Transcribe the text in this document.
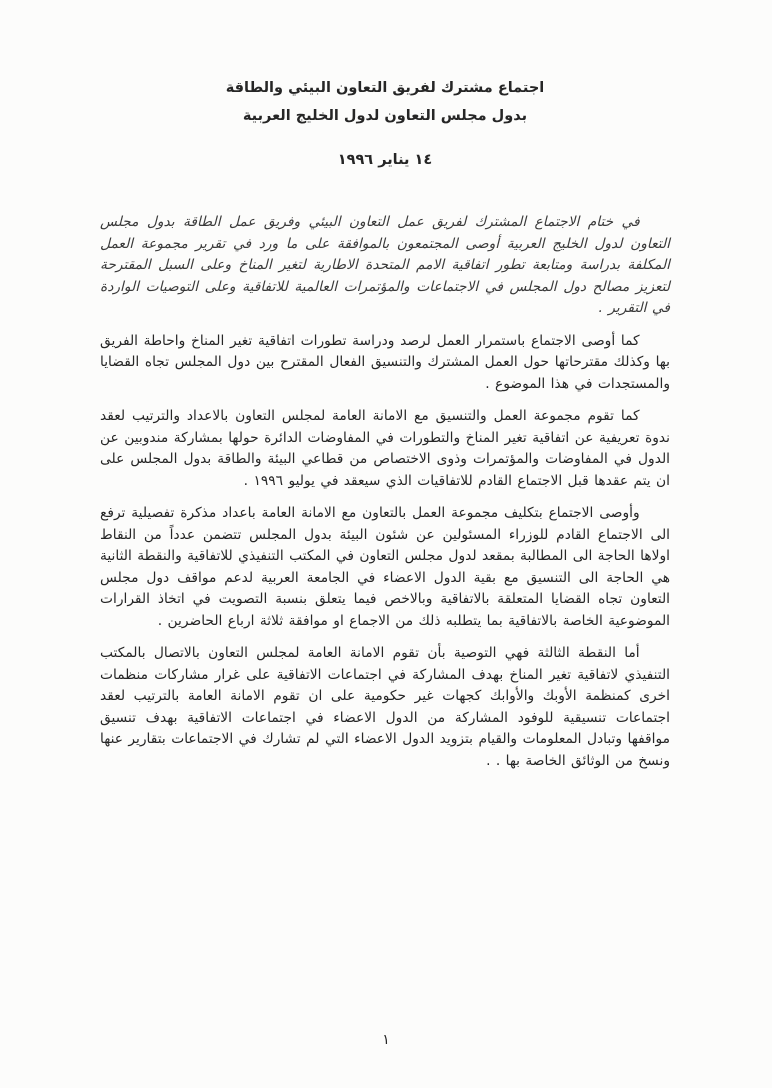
اجتماع مشترك لفريق التعاون البيئي والطاقة
بدول مجلس التعاون لدول الخليج العربية
١٤ يناير ١٩٩٦

في ختام الاجتماع المشترك لفريق عمل التعاون البيئي وفريق عمل الطاقة بدول مجلس التعاون لدول الخليج العربية أوصى المجتمعون بالموافقة على ما ورد في تقرير مجموعة العمل المكلفة بدراسة ومتابعة تطور اتفاقية الامم المتحدة الاطارية لتغير المناخ وعلى السبل المقترحة لتعزيز مصالح دول المجلس في الاجتماعات والمؤتمرات العالمية للاتفاقية وعلى التوصيات الواردة في التقرير .

كما أوصى الاجتماع باستمرار العمل لرصد ودراسة تطورات اتفاقية تغير المناخ واحاطة الفريق بها وكذلك مقترحاتها حول العمل المشترك والتنسيق الفعال المقترح بين دول المجلس تجاه القضايا والمستجدات في هذا الموضوع .

كما تقوم مجموعة العمل والتنسيق مع الامانة العامة لمجلس التعاون بالاعداد والترتيب لعقد ندوة تعريفية عن اتفاقية تغير المناخ والتطورات في المفاوضات الدائرة حولها بمشاركة مندوبين عن الدول في المفاوضات والمؤتمرات وذوى الاختصاص من قطاعي البيئة والطاقة بدول المجلس على ان يتم عقدها قبل الاجتماع القادم للاتفاقيات الذي سيعقد في يوليو ١٩٩٦ .

وأوصى الاجتماع بتكليف مجموعة العمل بالتعاون مع الامانة العامة باعداد مذكرة تفصيلية ترفع الى الاجتماع القادم للوزراء المسئولين عن شئون البيئة بدول المجلس تتضمن عدداً من النقاط اولاها الحاجة الى المطالبة بمقعد لدول مجلس التعاون في المكتب التنفيذي للاتفاقية والنقطة الثانية هي الحاجة الى التنسيق مع بقية الدول الاعضاء في الجامعة العربية لدعم مواقف دول مجلس التعاون تجاه القضايا المتعلقة بالاتفاقية وبالاخص فيما يتعلق بنسبة التصويت في اتخاذ القرارات الموضوعية الخاصة بالاتفاقية بما يتطلبه ذلك من الاجماع او موافقة ثلاثة ارباع الحاضرين .

أما النقطة الثالثة فهي التوصية بأن تقوم الامانة العامة لمجلس التعاون بالاتصال بالمكتب التنفيذي لاتفاقية تغير المناخ بهدف المشاركة في اجتماعات الاتفاقية على غرار مشاركات منظمات اخرى كمنظمة الأوبك والأوابك كجهات غير حكومية على ان تقوم الامانة العامة بالترتيب لعقد اجتماعات تنسيقية للوفود المشاركة من الدول الاعضاء في اجتماعات الاتفاقية بهدف تنسيق مواقفها وتبادل المعلومات والقيام بتزويد الدول الاعضاء التي لم تشارك في الاجتماعات بتقارير عنها ونسخ من الوثائق الخاصة بها . .

١
